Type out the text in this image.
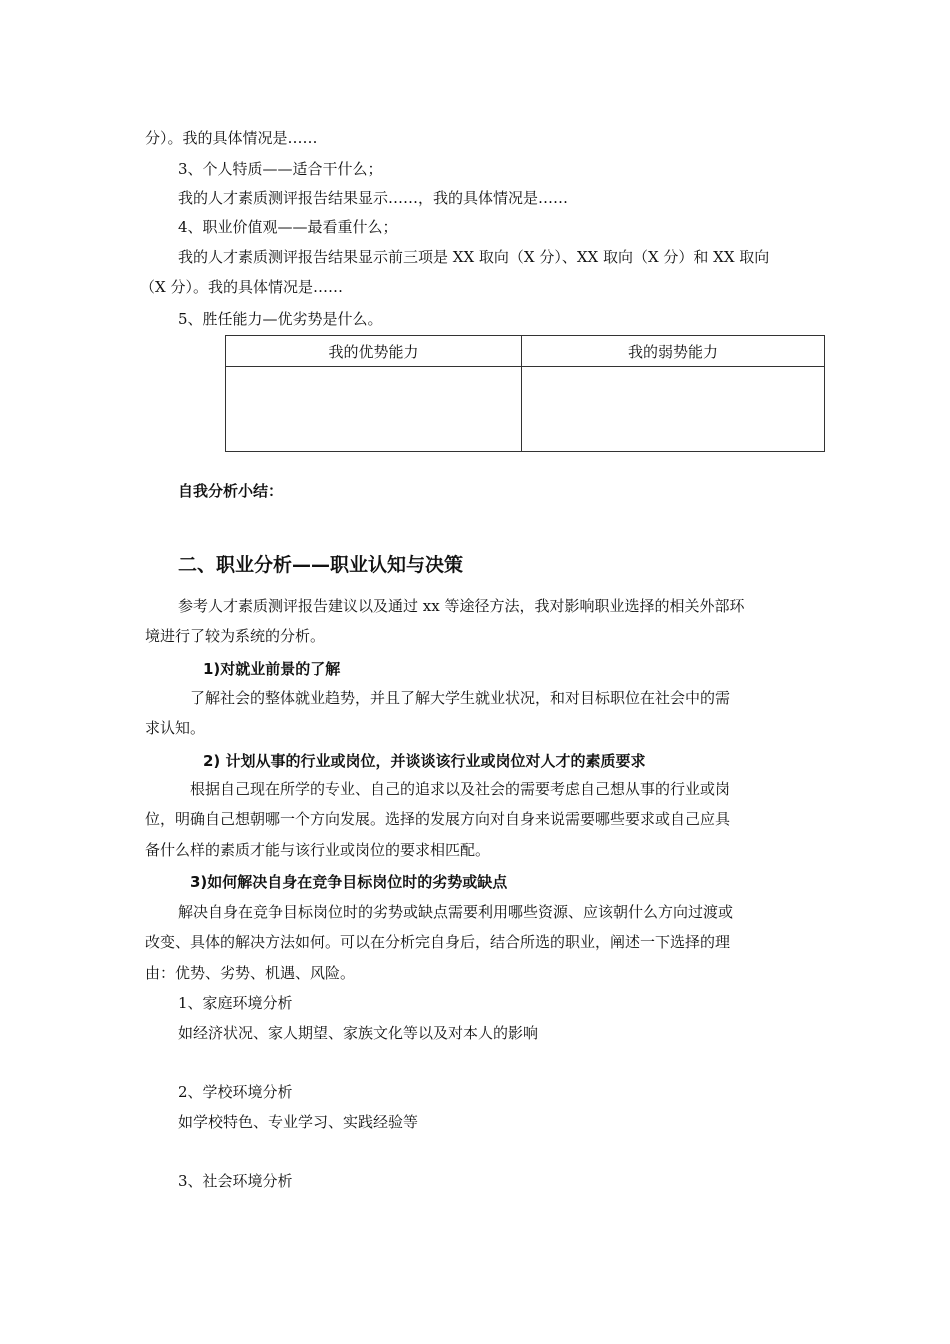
分）。我的具体情况是……
3、个人特质——适合干什么；
我的人才素质测评报告结果显示……，我的具体情况是……
4、职业价值观——最看重什么；
我的人才素质测评报告结果显示前三项是 XX 取向（X 分）、XX 取向（X 分）和 XX 取向
（X 分）。我的具体情况是……
5、胜任能力—优劣势是什么。
我的优势能力	我的弱势能力

自我分析小结：
二、职业分析——职业认知与决策
参考人才素质测评报告建议以及通过 xx 等途径方法，我对影响职业选择的相关外部环
境进行了较为系统的分析。
1)对就业前景的了解
了解社会的整体就业趋势，并且了解大学生就业状况，和对目标职位在社会中的需
求认知。
2) 计划从事的行业或岗位，并谈谈该行业或岗位对人才的素质要求
根据自己现在所学的专业、自己的追求以及社会的需要考虑自己想从事的行业或岗
位，明确自己想朝哪一个方向发展。选择的发展方向对自身来说需要哪些要求或自己应具
备什么样的素质才能与该行业或岗位的要求相匹配。
3)如何解决自身在竞争目标岗位时的劣势或缺点
解决自身在竞争目标岗位时的劣势或缺点需要利用哪些资源、应该朝什么方向过渡或
改变、具体的解决方法如何。可以在分析完自身后，结合所选的职业，阐述一下选择的理
由：优势、劣势、机遇、风险。
1、家庭环境分析
如经济状况、家人期望、家族文化等以及对本人的影响
2、学校环境分析
如学校特色、专业学习、实践经验等
3、社会环境分析
